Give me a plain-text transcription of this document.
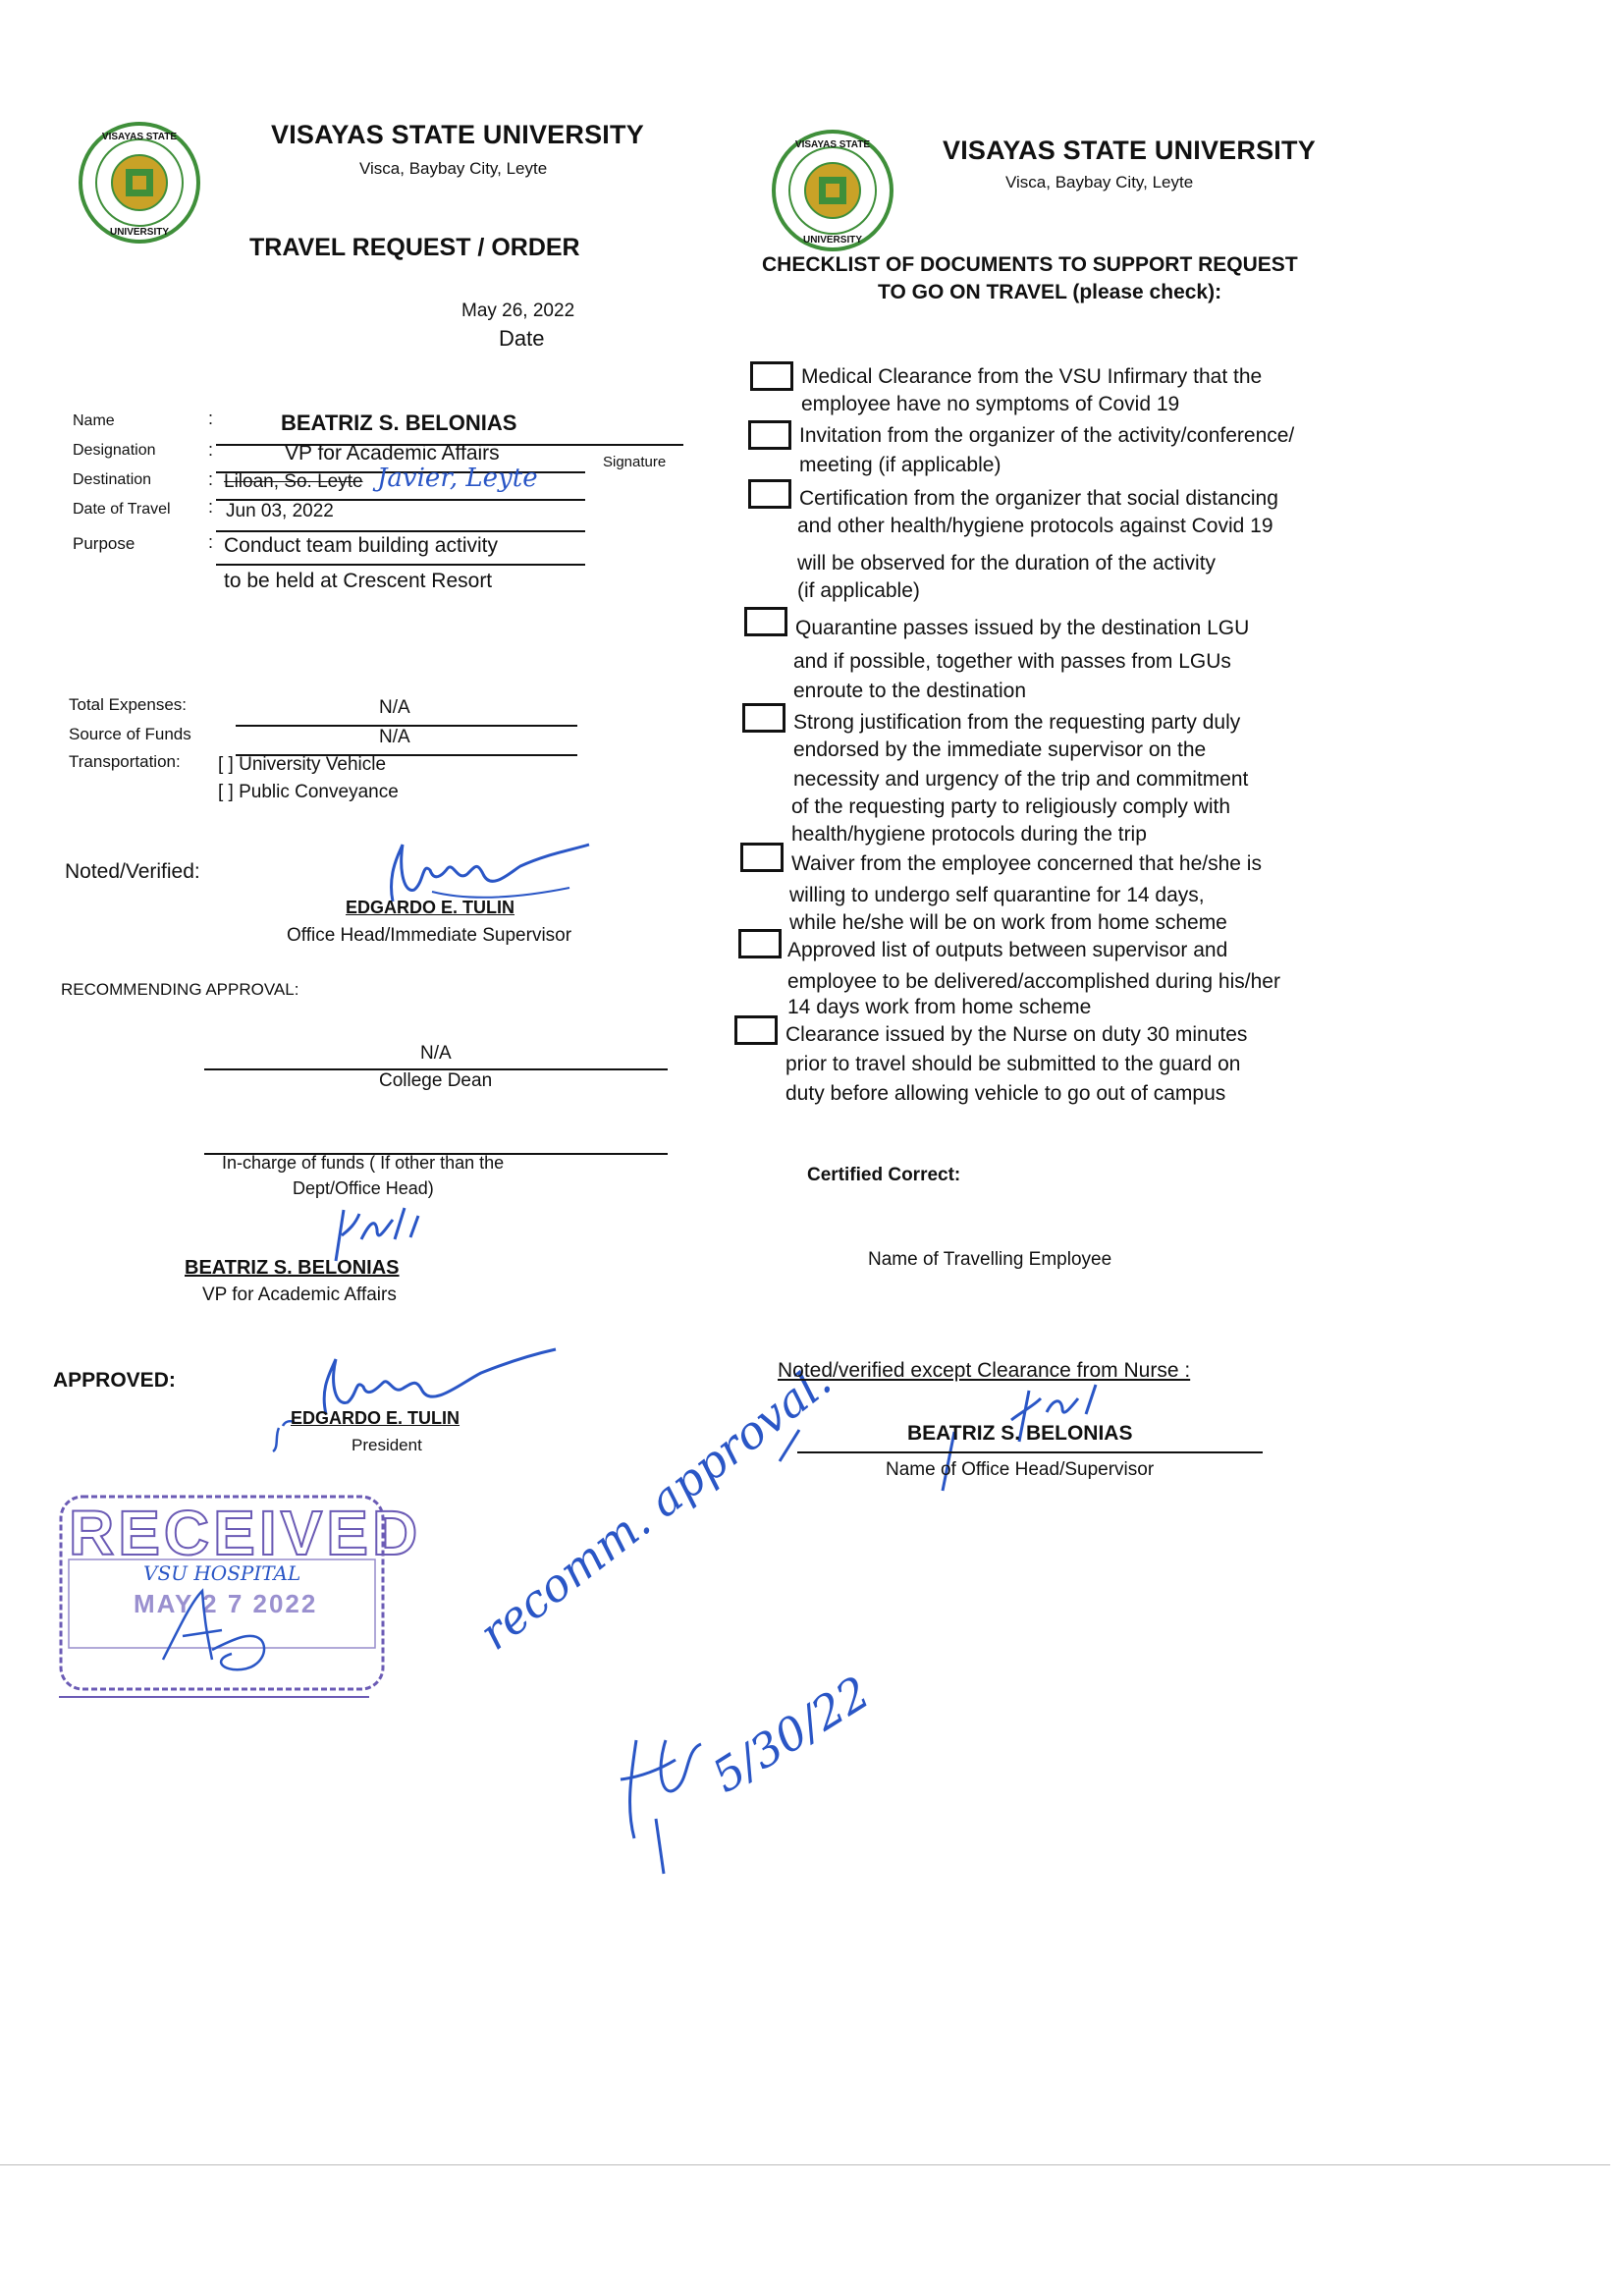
VISAYAS STATE
UNIVERSITY
VISAYAS STATE UNIVERSITY
Visca, Baybay City, Leyte
TRAVEL REQUEST / ORDER
May 26, 2022
Date
Name	:	BEATRIZ S. BELONIAS
Designation	:	VP for Academic Affairs	Signature
Destination	: Liloan, So. Leyte Javier, Leyte
Date of Travel : Jun 03, 2022
Purpose	: Conduct team building activity
to be held at Crescent Resort
Total Expenses:	N/A
Source of Funds	N/A
Transportation: [ ] University Vehicle
[ ] Public Conveyance
Noted/Verified:
EDGARDO E. TULIN
Office Head/Immediate Supervisor
RECOMMENDING APPROVAL:
N/A
College Dean
In-charge of funds ( If other than the
Dept/Office Head)
BEATRIZ S. BELONIAS
VP for Academic Affairs
APPROVED:
EDGARDO E. TULIN
President
RECEIVED
VSU HOSPITAL
MAY 2 7 2022	recomm. approval.
5/30/22
VISAYAS STATE
UNIVERSITY
VISAYAS STATE UNIVERSITY
Visca, Baybay City, Leyte
CHECKLIST OF DOCUMENTS TO SUPPORT REQUEST
TO GO ON TRAVEL (please check):
Medical Clearance from the VSU Infirmary that the
employee have no symptoms of Covid 19
Invitation from the organizer of the activity/conference/
meeting (if applicable)
Certification from the organizer that social distancing
and other health/hygiene protocols against Covid 19
will be observed for the duration of the activity
(if applicable)
Quarantine passes issued by the destination LGU
and if possible, together with passes from LGUs
enroute to the destination
Strong justification from the requesting party duly
endorsed by the immediate supervisor on the
necessity and urgency of the trip and commitment
of the requesting party to religiously comply with
health/hygiene protocols during the trip
Waiver from the employee concerned that he/she is
willing to undergo self quarantine for 14 days,
while he/she will be on work from home scheme
Approved list of outputs between supervisor and
employee to be delivered/accomplished during his/her
14 days work from home scheme
Clearance issued by the Nurse on duty 30 minutes
prior to travel should be submitted to the guard on
duty before allowing vehicle to go out of campus
Certified Correct:
Name of Travelling Employee
Noted/verified except Clearance from Nurse :
BEATRIZ S. BELONIAS
Name of Office Head/Supervisor
